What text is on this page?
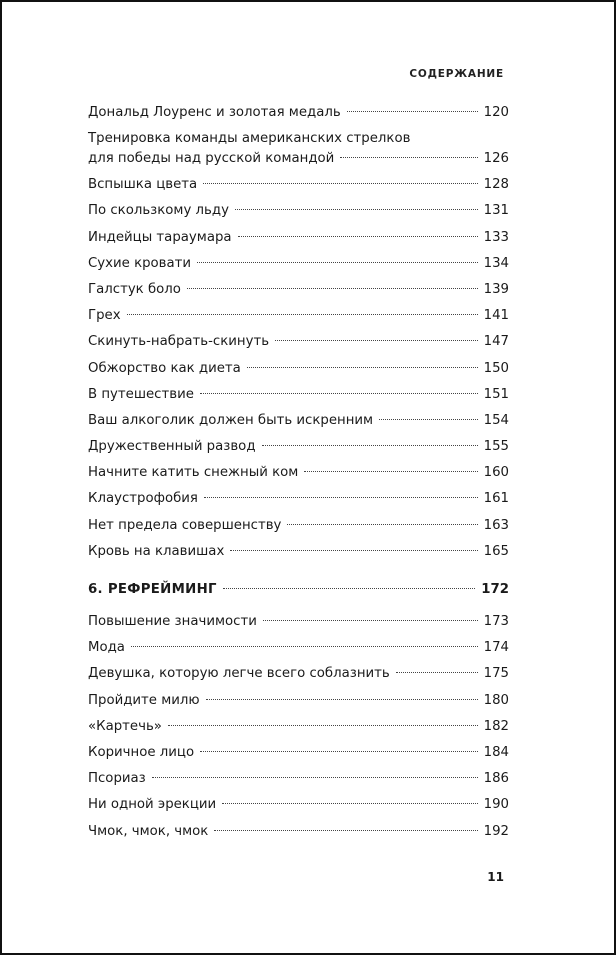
СОДЕРЖАНИЕ
Дональд Лоуренс и золотая медаль	120
Тренировка команды американских стрелков
для победы над русской командой	126
Вспышка цвета	128
По скользкому льду	131
Индейцы тараумара	133
Сухие кровати	134
Галстук боло	139
Грех	141
Скинуть-набрать-скинуть	147
Обжорство как диета	150
В путешествие	151
Ваш алкоголик должен быть искренним	154
Дружественный развод	155
Начните катить снежный ком	160
Клаустрофобия	161
Нет предела совершенству	163
Кровь на клавишах	165
6. РЕФРЕЙМИНГ	172
Повышение значимости	173
Мода	174
Девушка, которую легче всего соблазнить	175
Пройдите милю	180
«Картечь»	182
Коричное лицо	184
Псориаз	186
Ни одной эрекции	190
Чмок, чмок, чмок	192
11
